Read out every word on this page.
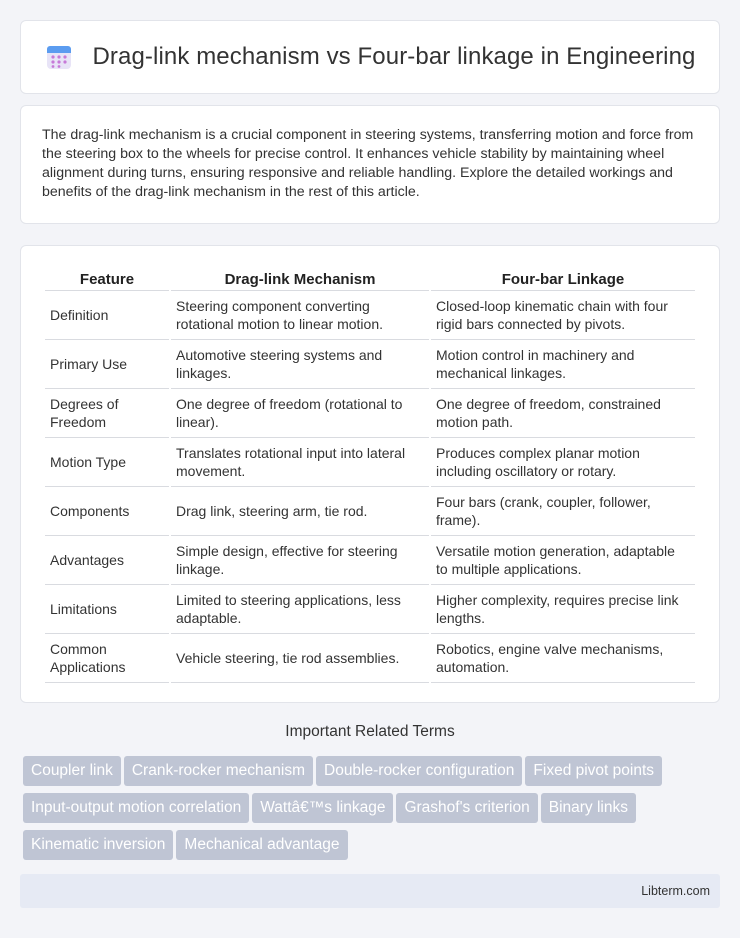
Drag-link mechanism vs Four-bar linkage in Engineering

The drag-link mechanism is a crucial component in steering systems, transferring motion and force from the steering box to the wheels for precise control. It enhances vehicle stability by maintaining wheel alignment during turns, ensuring responsive and reliable handling. Explore the detailed workings and benefits of the drag-link mechanism in the rest of this article.

Feature	Drag-link Mechanism	Four-bar Linkage
Definition	Steering component converting rotational motion to linear motion.	Closed-loop kinematic chain with four rigid bars connected by pivots.
Primary Use	Automotive steering systems and linkages.	Motion control in machinery and mechanical linkages.
Degrees of Freedom	One degree of freedom (rotational to linear).	One degree of freedom, constrained motion path.
Motion Type	Translates rotational input into lateral movement.	Produces complex planar motion including oscillatory or rotary.
Components	Drag link, steering arm, tie rod.	Four bars (crank, coupler, follower, frame).
Advantages	Simple design, effective for steering linkage.	Versatile motion generation, adaptable to multiple applications.
Limitations	Limited to steering applications, less adaptable.	Higher complexity, requires precise link lengths.
Common Applications	Vehicle steering, tie rod assemblies.	Robotics, engine valve mechanisms, automation.
Important Related Terms
Coupler link Crank-rocker mechanism Double-rocker configuration Fixed pivot pointsInput-output motion correlation Wattâ€™s linkage Grashof's criterion Binary linksKinematic inversion Mechanical advantage
Libterm.com
